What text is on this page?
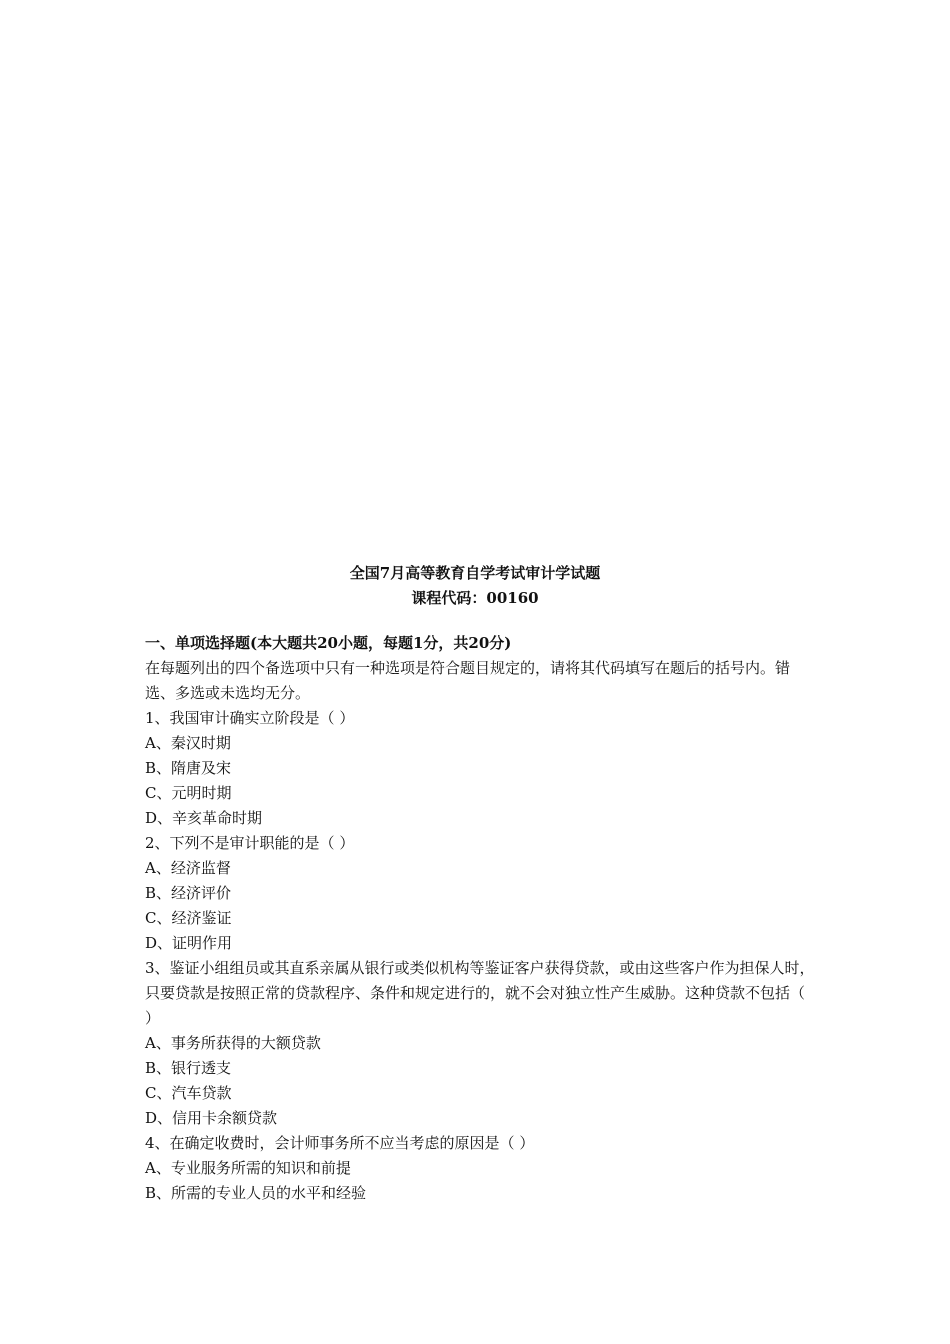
全国7月高等教育自学考试审计学试题
课程代码：00160
一、单项选择题(本大题共20小题，每题1分，共20分)
在每题列出的四个备选项中只有一种选项是符合题目规定的，请将其代码填写在题后的括号内。错选、多选或未选均无分。
1、我国审计确实立阶段是（ ）
A、秦汉时期
B、隋唐及宋
C、元明时期
D、辛亥革命时期
2、下列不是审计职能的是（ ）
A、经济监督
B、经济评价
C、经济鉴证
D、证明作用
3、鉴证小组组员或其直系亲属从银行或类似机构等鉴证客户获得贷款，或由这些客户作为担保人时，只要贷款是按照正常的贷款程序、条件和规定进行的，就不会对独立性产生威胁。这种贷款不包括（ ）
A、事务所获得的大额贷款
B、银行透支
C、汽车贷款
D、信用卡余额贷款
4、在确定收费时，会计师事务所不应当考虑的原因是（ ）
A、专业服务所需的知识和前提
B、所需的专业人员的水平和经验
